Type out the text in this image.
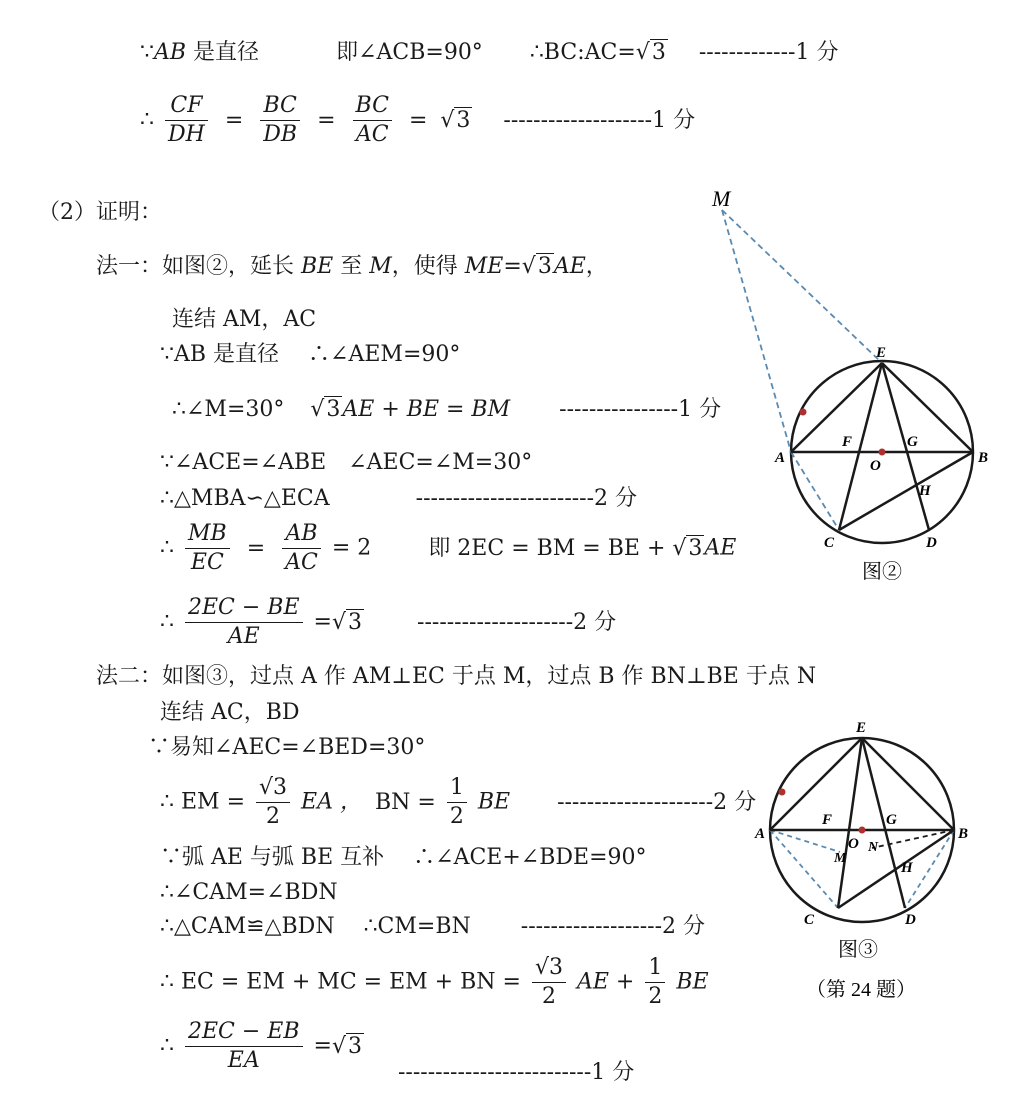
∵AB 是直径	即∠ACB=90° ∴BC:AC=√3 -------------1 分
∴ $\frac{CF}{DH} = \frac{BC}{DB} = \frac{BC}{AC} = √3$ --------------------1 分
（2）证明：
法一：如图②，延长 BE 至 M，使得 ME=√3AE，
连结 AM，AC
∵AB 是直径　 ∴∠AEM=90°
∴∠M=30° √3AE + BE = BM ----------------1 分
∵∠ACE=∠ABE　∠AEC=∠M=30°
∴△MBA∽△ECA	------------------------2 分
∴ $\frac{MB}{EC} = \frac{AB}{AC} = 2$	即 2EC = BM = BE + √3AE
∴ $\frac{2EC - BE}{AE} =√3$	---------------------2 分
法二：如图③，过点 A 作 AM⊥EC 于点 M，过点 B 作 BN⊥BE 于点 N
连结 AC，BD
∵易知∠AEC=∠BED=30°
∴ EM = $\frac{√3}{2}$ EA ， BN = $\frac{1}{2}$ BE ---------------------2 分
∵弧 AE 与弧 BE 互补　 ∴∠ACE+∠BDE=90°
∴∠CAM=∠BDN
∴△CAM≌△BDN　 ∴CM=BN -------------------2 分
∴ EC = EM + MC = EM + BN = $\frac{√3}{2}$ AE + $\frac{1}{2}$ BE
∴ $\frac{2EC - EB}{EA} =√3$
--------------------------1 分
M
E
A	B
C	D
F	G
O
H
图②
E
A	B
C	D
F	G
O
M
N
H
图③
（第 24 题）
